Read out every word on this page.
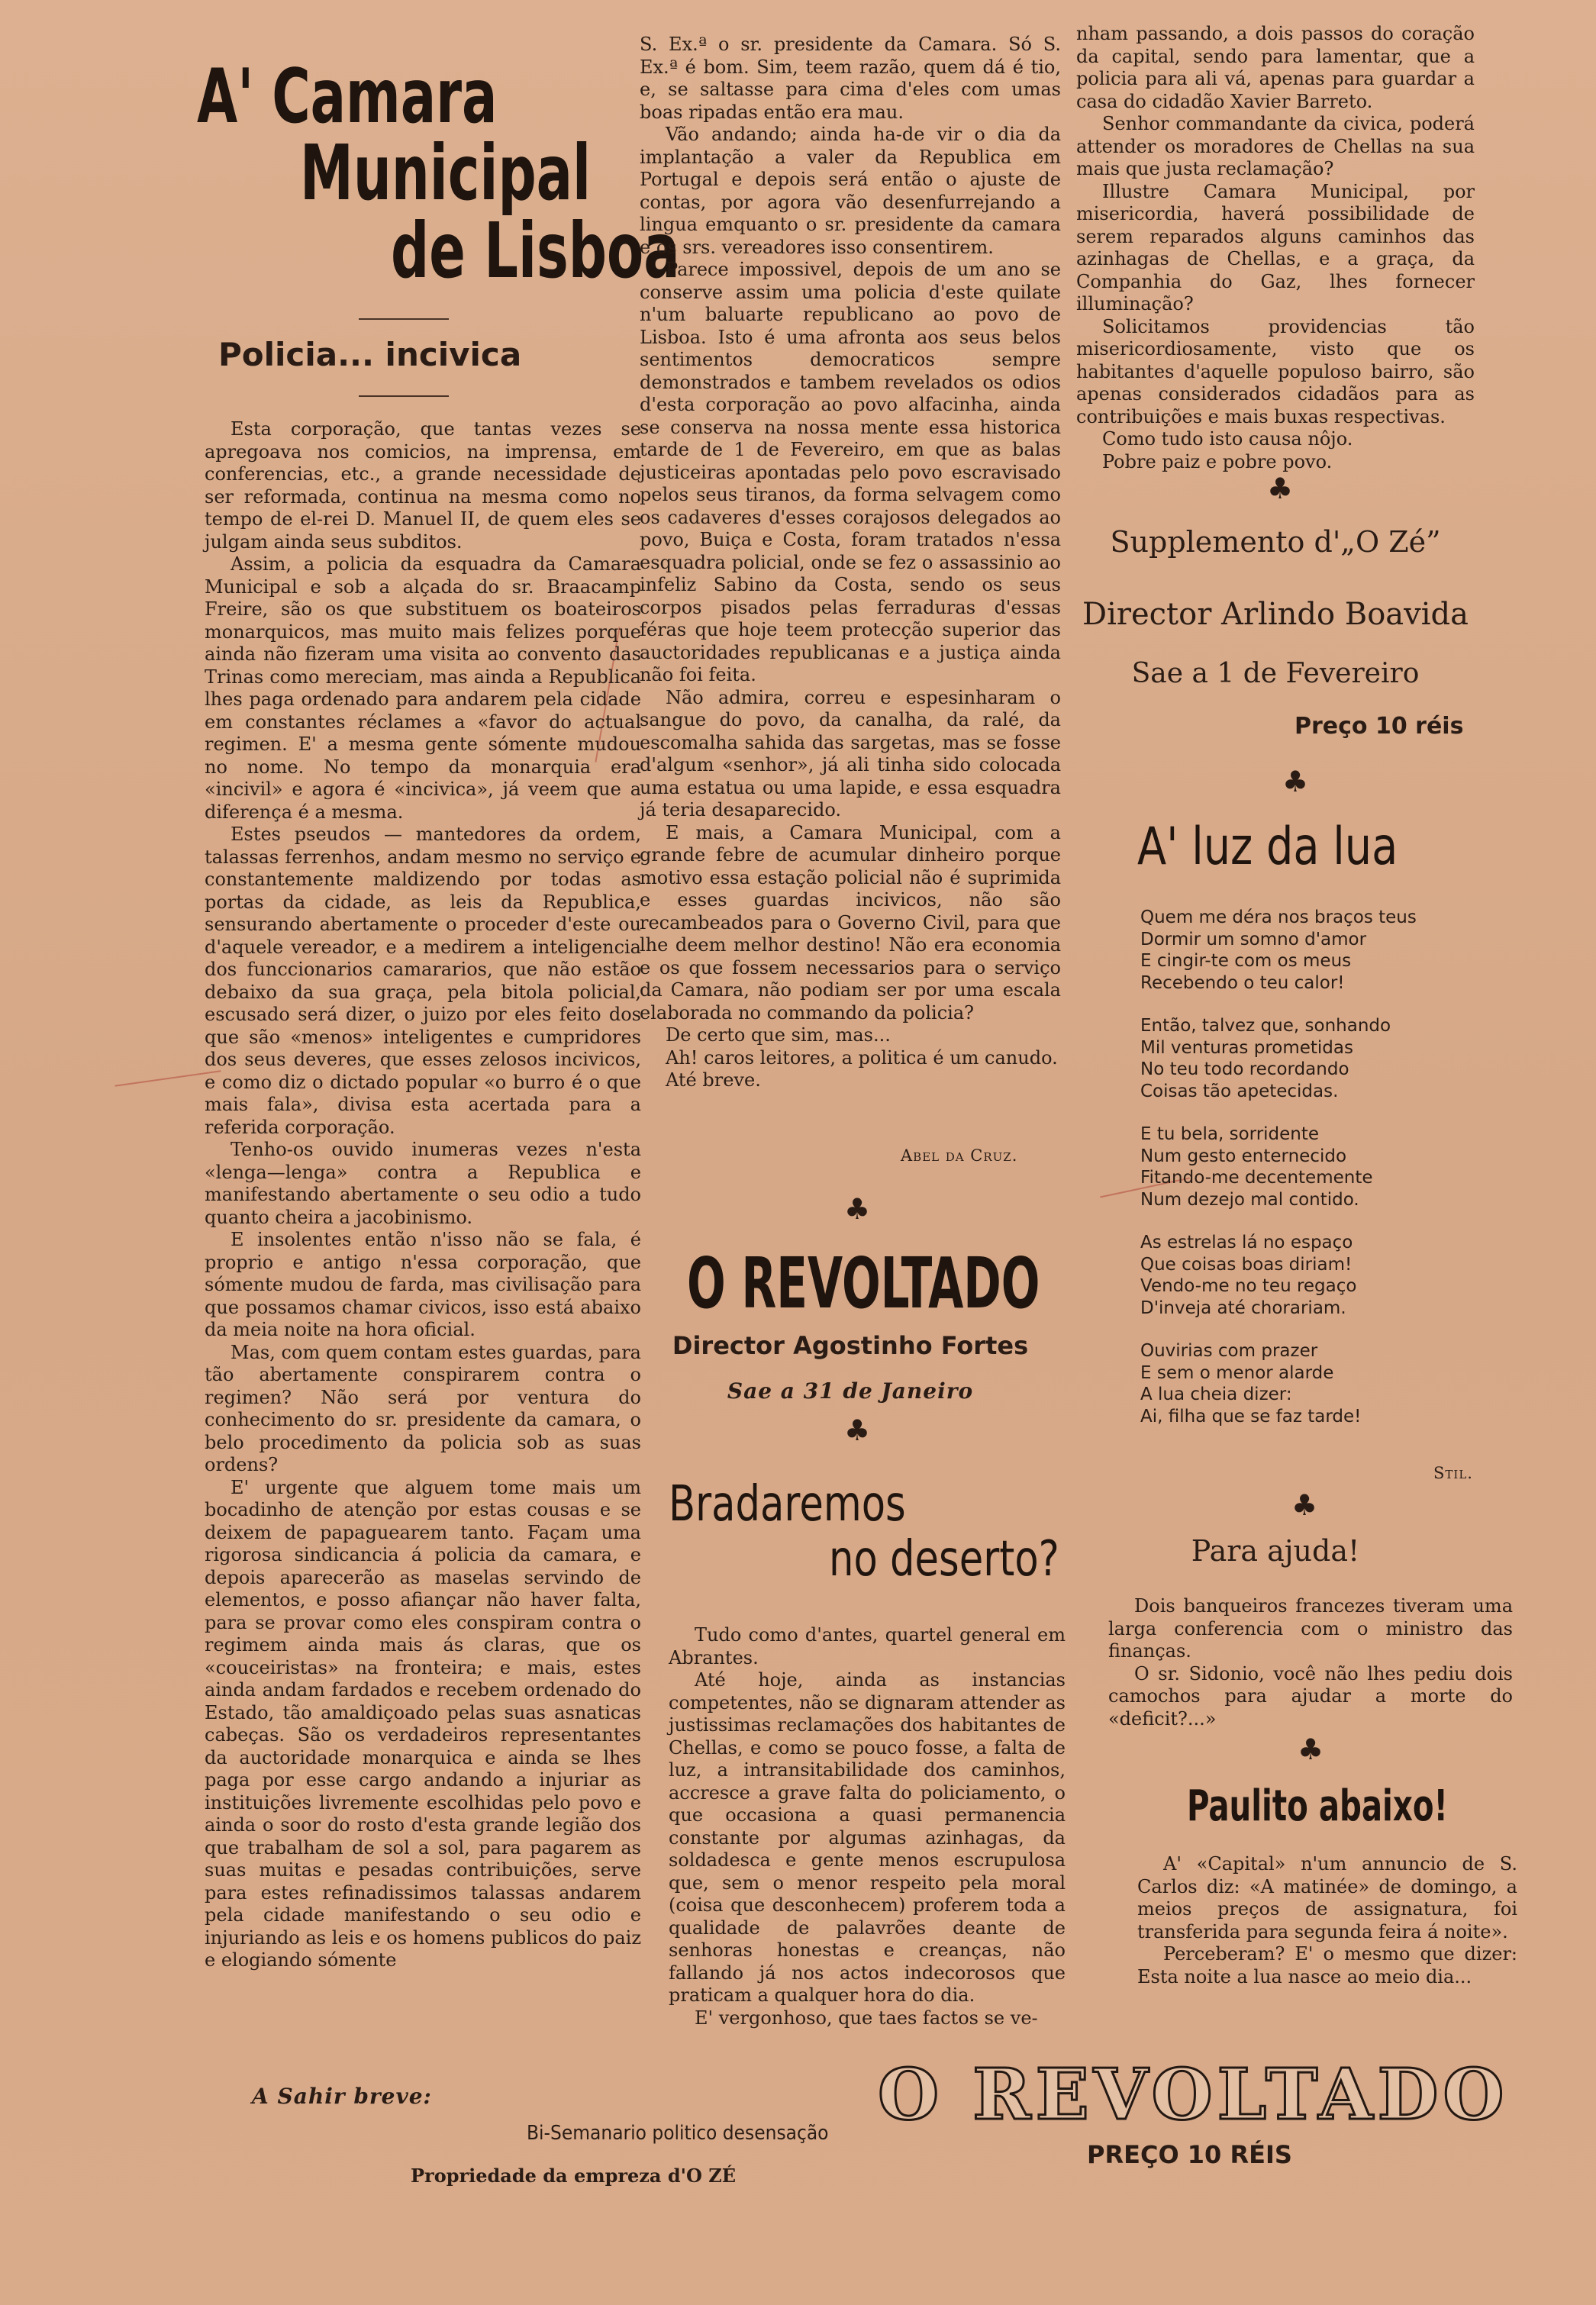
A' Camara
Municipal
de Lisboa
Policia... incivica

Esta corporação, que tantas vezes se apregoava nos comicios, na imprensa, em conferencias, etc., a grande necessidade de ser reformada, continua na mesma como no tempo de el-rei D. Manuel II, de quem eles se julgam ainda seus subditos.

Assim, a policia da esquadra da Camara Municipal e sob a alçada do sr. Braacamp Freire, são os que substituem os boateiros monarquicos, mas muito mais felizes porque ainda não fizeram uma visita ao convento das Trinas como mereciam, mas ainda a Republica lhes paga ordenado para andarem pela cidade em constantes réclames a «favor do actual regimen. E' a mesma gente sómente mudou no nome. No tempo da monarquia era «incivil» e agora é «incivica», já veem que a diferença é a mesma.

Estes pseudos — mantedores da ordem, talassas ferrenhos, andam mesmo no serviço e constantemente maldizendo por todas as portas da cidade, as leis da Republica, sensurando abertamente o proceder d'este ou d'aquele vereador, e a medirem a inteligencia dos funccionarios camararios, que não estão debaixo da sua graça, pela bitola policial, escusado será dizer, o juizo por eles feito dos que são «menos» inteligentes e cumpridores dos seus deveres, que esses zelosos incivicos, e como diz o dictado popular «o burro é o que mais fala», divisa esta acertada para a referida corporação.

Tenho-os ouvido inumeras vezes n'esta «lenga—lenga» contra a Republica e manifestando abertamente o seu odio a tudo quanto cheira a jacobinismo.

E insolentes então n'isso não se fala, é proprio e antigo n'essa corporação, que sómente mudou de farda, mas civilisação para que possamos chamar civicos, isso está abaixo da meia noite na hora oficial.

Mas, com quem contam estes guardas, para tão abertamente conspirarem contra o regimen? Não será por ventura do conhecimento do sr. presidente da camara, o belo procedimento da policia sob as suas ordens?

E' urgente que alguem tome mais um bocadinho de atenção por estas cousas e se deixem de papaguearem tanto. Façam uma rigorosa sindicancia á policia da camara, e depois aparecerão as maselas servindo de elementos, e posso afiançar não haver falta, para se provar como eles conspiram contra o regimem ainda mais ás claras, que os «couceiristas» na fronteira; e mais, estes ainda andam fardados e recebem ordenado do Estado, tão amaldiçoado pelas suas asnaticas cabeças. São os verdadeiros representantes da auctoridade monarquica e ainda se lhes paga por esse cargo andando a injuriar as instituições livremente escolhidas pelo povo e ainda o soor do rosto d'esta grande legião dos que trabalham de sol a sol, para pagarem as suas muitas e pesadas contribuições, serve para estes refinadissimos talassas andarem pela cidade manifestando o seu odio e injuriando as leis e os homens publicos do paiz e elogiando sómente

S. Ex.ª o sr. presidente da Camara. Só S. Ex.ª é bom. Sim, teem razão, quem dá é tio, e, se saltasse para cima d'eles com umas boas ripadas então era mau.

Vão andando; ainda ha-de vir o dia da implantação a valer da Republica em Portugal e depois será então o ajuste de contas, por agora vão desenfurrejando a lingua emquanto o sr. presidente da camara e os srs. vereadores isso consentirem.

Parece impossivel, depois de um ano se conserve assim uma policia d'este quilate n'um baluarte republicano ao povo de Lisboa. Isto é uma afronta aos seus belos sentimentos democraticos sempre demonstrados e tambem revelados os odios d'esta corporação ao povo alfacinha, ainda se conserva na nossa mente essa historica tarde de 1 de Fevereiro, em que as balas justiceiras apontadas pelo povo escravisado pelos seus tiranos, da forma selvagem como os cadaveres d'esses corajosos delegados ao povo, Buiça e Costa, foram tratados n'essa esquadra policial, onde se fez o assassinio ao infeliz Sabino da Costa, sendo os seus corpos pisados pelas ferraduras d'essas féras que hoje teem protecção superior das auctoridades republicanas e a justiça ainda não foi feita.

Não admira, correu e espesinharam o sangue do povo, da canalha, da ralé, da escomalha sahida das sargetas, mas se fosse d'algum «senhor», já ali tinha sido colocada uma estatua ou uma lapide, e essa esquadra já teria desaparecido.

E mais, a Camara Municipal, com a grande febre de acumular dinheiro porque motivo essa estação policial não é suprimida e esses guardas incivicos, não são recambeados para o Governo Civil, para que lhe deem melhor destino! Não era economia e os que fossem necessarios para o serviço da Camara, não podiam ser por uma escala elaborada no commando da policia?

De certo que sim, mas...

Ah! caros leitores, a politica é um canudo.

Até breve.

Abel da Cruz.
♣
O REVOLTADO
Director Agostinho Fortes
Sae a 31 de Janeiro
♣
Bradaremos
no deserto?

Tudo como d'antes, quartel general em Abrantes.

Até hoje, ainda as instancias competentes, não se dignaram attender as justissimas reclamações dos habitantes de Chellas, e como se pouco fosse, a falta de luz, a intransitabilidade dos caminhos, accresce a grave falta do policiamento, o que occasiona a quasi permanencia constante por algumas azinhagas, da soldadesca e gente menos escrupulosa que, sem o menor respeito pela moral (coisa que desconhecem) proferem toda a qualidade de palavrões deante de senhoras honestas e creanças, não fallando já nos actos indecorosos que praticam a qualquer hora do dia.

E' vergonhoso, que taes factos se ve-

nham passando, a dois passos do coração da capital, sendo para lamentar, que a policia para ali vá, apenas para guardar a casa do cidadão Xavier Barreto.

Senhor commandante da civica, poderá attender os moradores de Chellas na sua mais que justa reclamação?

Illustre Camara Municipal, por misericordia, haverá possibilidade de serem reparados alguns caminhos das azinhagas de Chellas, e a graça, da Companhia do Gaz, lhes fornecer illuminação?

Solicitamos providencias tão misericordiosamente, visto que os habitantes d'aquelle populoso bairro, são apenas considerados cidadãos para as contribuições e mais buxas respectivas.

Como tudo isto causa nôjo.

Pobre paiz e pobre povo.

♣
Supplemento d'„O Zé”
Director Arlindo Boavida
Sae a 1 de Fevereiro
Preço 10 réis
♣
A' luz da lua
Quem me déra nos braços teus
Dormir um somno d'amor
E cingir-te com os meus
Recebendo o teu calor!
Então, talvez que, sonhando
Mil venturas prometidas
No teu todo recordando
Coisas tão apetecidas.
E tu bela, sorridente
Num gesto enternecido
Fitando-me decentemente
Num dezejo mal contido.
As estrelas lá no espaço
Que coisas boas diriam!
Vendo-me no teu regaço
D'inveja até chorariam.
Ouvirias com prazer
E sem o menor alarde
A lua cheia dizer:
Ai, filha que se faz tarde!
Stil.
♣
Para ajuda!

Dois banqueiros francezes tiveram uma larga conferencia com o ministro das finanças.

O sr. Sidonio, você não lhes pediu dois camochos para ajudar a morte do «deficit?...»

♣
Paulito abaixo!

A' «Capital» n'um annuncio de S. Carlos diz: «A matinée» de domingo, a meios preços de assignatura, foi transferida para segunda feira á noite».

Perceberam? E' o mesmo que dizer: Esta noite a lua nasce ao meio dia...

A Sahir breve:
Bi-Semanario politico desensação
Propriedade da empreza d'O ZÉ
O REVOLTADO
PREÇO 10 RÉIS
